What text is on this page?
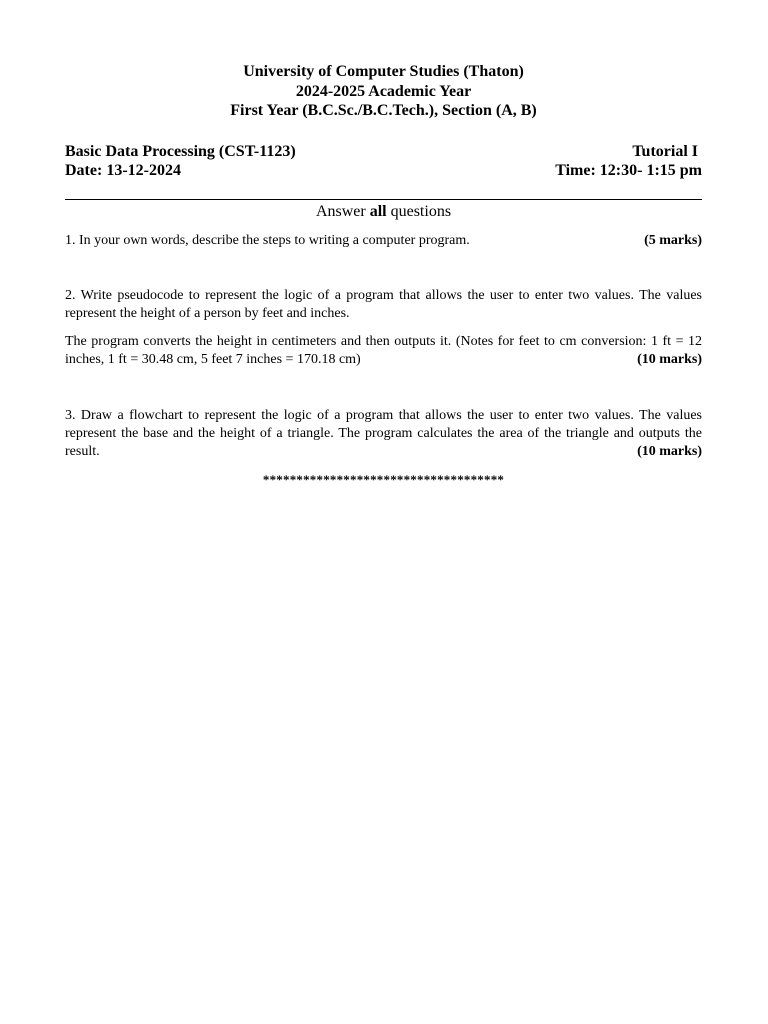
University of Computer Studies (Thaton)
2024-2025 Academic Year
First Year (B.C.Sc./B.C.Tech.), Section (A, B)
Basic Data Processing (CST-1123)	Tutorial I
Date: 13-12-2024	Time: 12:30- 1:15 pm
Answer all questions

(5 marks)
1. In your own words, describe the steps to writing a computer program.

2. Write pseudocode to represent the logic of a program that allows the user to enter two values. The values represent the height of a person by feet and inches.

The program converts the height in centimeters and then outputs it. (Notes for feet to cm conversion: 1 ft = 12 inches, 1 ft = 30.48 cm, 5 feet 7 inches = 170.18 cm)	(10 marks)

3. Draw a flowchart to represent the logic of a program that allows the user to enter two values. The values represent the base and the height of a triangle. The program calculates the area of the triangle and outputs the result.	(10 marks)

************************************
